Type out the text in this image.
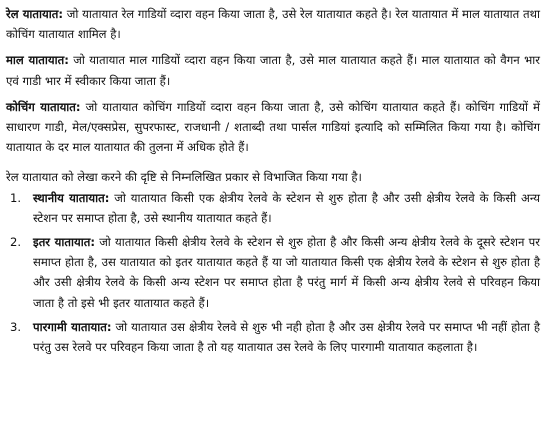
रेल यातायात: जो यातायात रेल गाडियों व्दारा वहन किया जाता है, उसे रेल यातायात कहते है। रेल यातायात में माल यातायात तथा कोचिंग यातायात शामिल है।

माल यातायात: जो यातायात माल गाडियों व्दारा वहन किया जाता है, उसे माल यातायात कहते हैं। माल यातायात को वैगन भार एवं गाडी भार में स्वीकार किया जाता हैं।

कोचिंग यातायात: जो यातायात कोचिंग गाडियों व्दारा वहन किया जाता है, उसे कोचिंग यातायात कहते हैं। कोचिंग गाडियों में साधारण गाडी, मेल/एक्सप्रेस, सुपरफास्ट, राजधानी / शताब्दी तथा पार्सल गाडियां इत्यादि को सम्मिलित किया गया है। कोचिंग यातायात के दर माल यातायात की तुलना में अधिक होते हैं।

रेल यातायात को लेखा करने की दृष्टि से निम्नलिखित प्रकार से विभाजित किया गया है।

1.	स्थानीय यातायात: जो यातायात किसी एक क्षेत्रीय रेलवे के स्टेशन से शुरु होता है और उसी क्षेत्रीय रेलवे के किसी अन्य स्टेशन पर समाप्त होता है, उसे स्थानीय यातायात कहते हैं।
2.	इतर यातायात: जो यातायात किसी क्षेत्रीय रेलवे के स्टेशन से शुरु होता है और किसी अन्य क्षेत्रीय रेलवे के दूसरे स्टेशन पर समाप्त होता है, उस यातायात को इतर यातायात कहते हैं या जो यातायात किसी एक क्षेत्रीय रेलवे के स्टेशन से शुरु होता है और उसी क्षेत्रीय रेलवे के किसी अन्य स्टेशन पर समाप्त होता है परंतु मार्ग में किसी अन्य क्षेत्रीय रेलवे से परिवहन किया जाता है तो इसे भी इतर यातायात कहते हैं।
3.	पारगामी यातायात: जो यातायात उस क्षेत्रीय रेलवे से शुरु भी नही होता है और उस क्षेत्रीय रेलवे पर समाप्त भी नहीं होता है परंतु उस रेलवे पर परिवहन किया जाता है तो यह यातायात उस रेलवे के लिए पारगामी यातायात कहलाता है।
